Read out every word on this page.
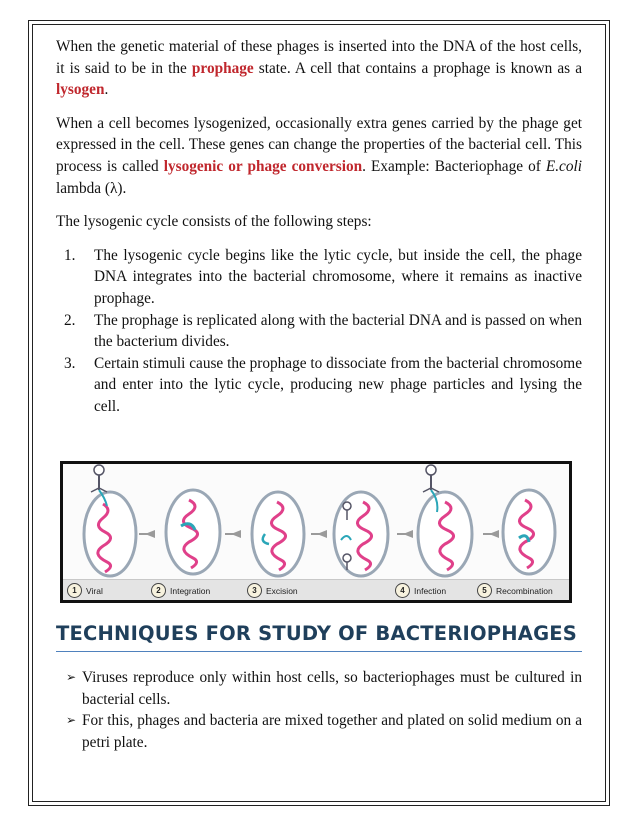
When the genetic material of these phages is inserted into the DNA of the host cells, it is said to be in the prophage state. A cell that contains a prophage is known as a lysogen.

When a cell becomes lysogenized, occasionally extra genes carried by the phage get expressed in the cell. These genes can change the properties of the bacterial cell. This process is called lysogenic or phage conversion. Example: Bacteriophage of E.coli lambda (λ).

The lysogenic cycle consists of the following steps:

1. The lysogenic cycle begins like the lytic cycle, but inside the cell, the phage DNA integrates into the bacterial chromosome, where it remains as inactive prophage.
2. The prophage is replicated along with the bacterial DNA and is passed on when the bacterium divides.
3. Certain stimuli cause the prophage to dissociate from the bacterial chromosome and enter into the lytic cycle, producing new phage particles and lysing the cell.
1	Viral	2	Integration	3	Excision	4	Infection	5	Recombination
TECHNIQUES FOR STUDY OF BACTERIOPHAGES
➢ Viruses reproduce only within host cells, so bacteriophages must be cultured in bacterial cells.
➢ For this, phages and bacteria are mixed together and plated on solid medium on a petri plate.
